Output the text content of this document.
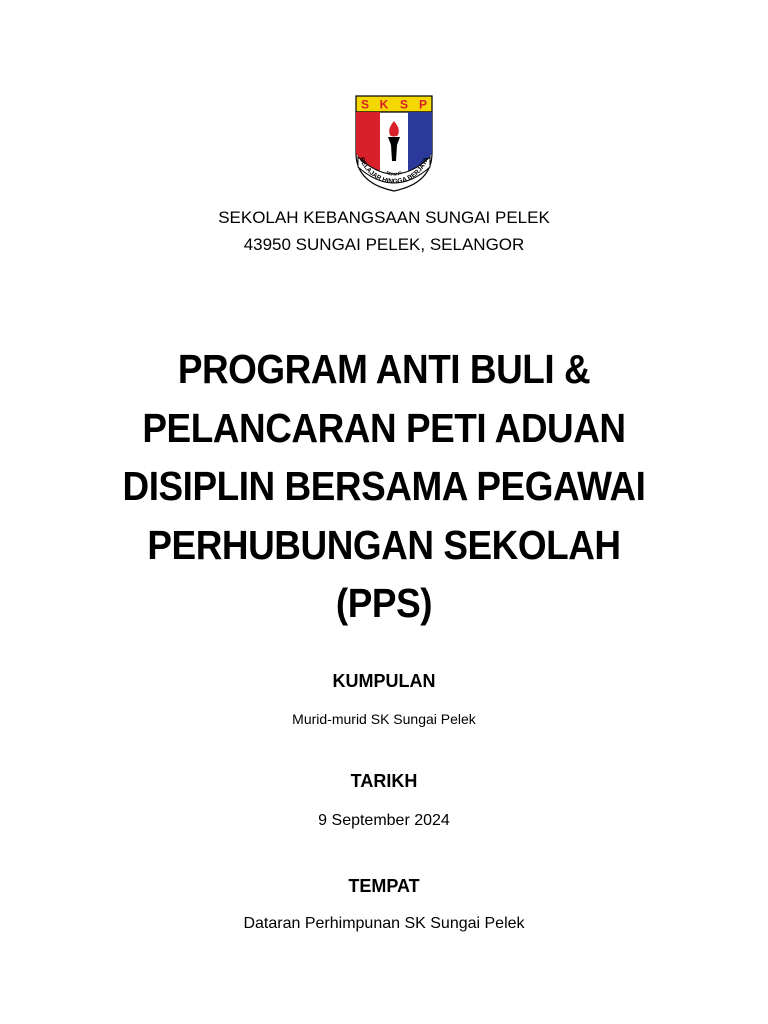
S K S P
SEPANG
BELAJAR HINGGA BERJAYA
SEKOLAH KEBANGSAAN SUNGAI PELEK
43950 SUNGAI PELEK, SELANGOR
PROGRAM ANTI BULI &
PELANCARAN PETI ADUAN
DISIPLIN BERSAMA PEGAWAI
PERHUBUNGAN SEKOLAH
(PPS)
KUMPULAN
Murid-murid SK Sungai Pelek
TARIKH
9 September 2024
TEMPAT
Dataran Perhimpunan SK Sungai Pelek
